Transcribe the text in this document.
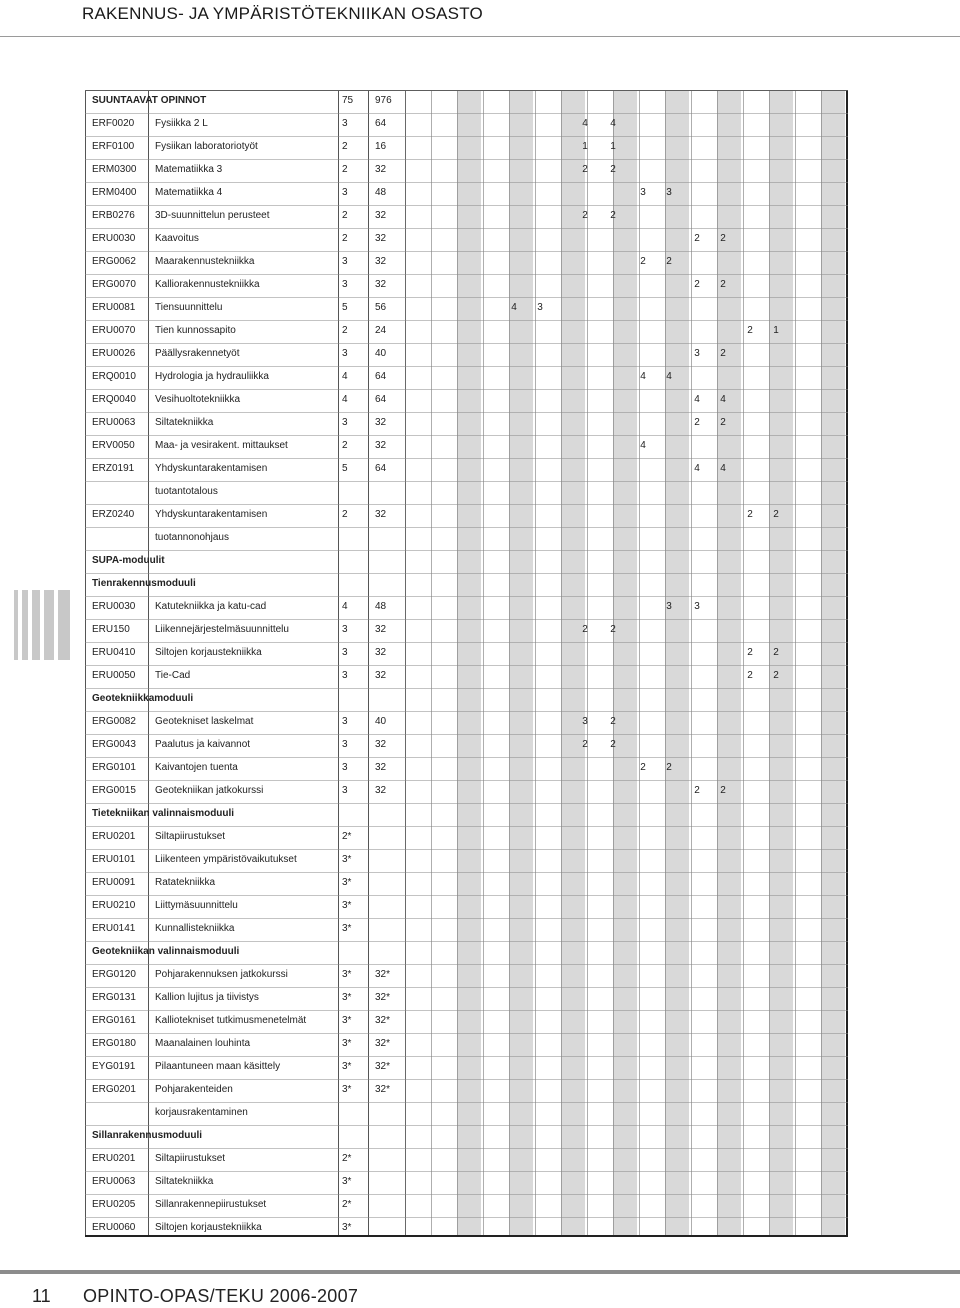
RAKENNUS- JA YMPÄRISTÖTEKNIIKAN OSASTO
SUUNTAAVAT OPINNOT	75 976
ERF0020 Fysiikka 2 L	3	64	4	4
ERF0100 Fysiikan laboratoriotyöt	2	16	1	1
ERM0300 Matematiikka 3	2	32	2	2
ERM0400 Matematiikka 4	3	48	3	3
ERB0276 3D-suunnittelun perusteet	2	32	2	2
ERU0030 Kaavoitus	2	32	2	2
ERG0062 Maarakennustekniikka	3	32	2	2
ERG0070 Kalliorakennustekniikka	3	32	2	2
ERU0081 Tiensuunnittelu	5	56	4	3
ERU0070 Tien kunnossapito	2	24	2	1
ERU0026 Päällysrakennetyöt	3	40	3	2
ERQ0010 Hydrologia ja hydrauliikka	4	64	4	4
ERQ0040 Vesihuoltotekniikka	4	64	4	4
ERU0063 Siltatekniikka	3	32	2	2
ERV0050 Maa- ja vesirakent. mittaukset	2	32	4
ERZ0191 Yhdyskuntarakentamisen	5	64	4	4
tuotantotalous
ERZ0240 Yhdyskuntarakentamisen	2	32	2	2
tuotannonohjaus
SUPA-moduulit
Tienrakennusmoduuli
ERU0030 Katutekniikka ja katu-cad	4	48	3	3
ERU150	Liikennejärjestelmäsuunnittelu	3	32	2	2
ERU0410 Siltojen korjaustekniikka	3	32	2	2
ERU0050 Tie-Cad	3	32	2	2
Geotekniikkamoduuli
ERG0082 Geotekniset laskelmat	3	40	3	2
ERG0043 Paalutus ja kaivannot	3	32	2	2
ERG0101 Kaivantojen tuenta	3	32	2	2
ERG0015 Geotekniikan jatkokurssi	3	32	2	2
Tietekniikan valinnaismoduuli
ERU0201 Siltapiirustukset	2*
ERU0101 Liikenteen ympäristövaikutukset	3*
ERU0091 Ratatekniikka	3*
ERU0210 Liittymäsuunnittelu	3*
ERU0141 Kunnallistekniikka	3*
Geotekniikan valinnaismoduuli
ERG0120 Pohjarakennuksen jatkokurssi	3* 32*
ERG0131 Kallion lujitus ja tiivistys	3* 32*
ERG0161 Kalliotekniset tutkimusmenetelmät	3* 32*
ERG0180 Maanalainen louhinta	3* 32*
EYG0191 Pilaantuneen maan käsittely	3* 32*
ERG0201 Pohjarakenteiden	3* 32*
korjausrakentaminen
Sillanrakennusmoduuli
ERU0201 Siltapiirustukset	2*
ERU0063 Siltatekniikka	3*
ERU0205 Sillanrakennepiirustukset	2*
ERU0060 Siltojen korjaustekniikka	3*
11 OPINTO-OPAS/TEKU 2006-2007
